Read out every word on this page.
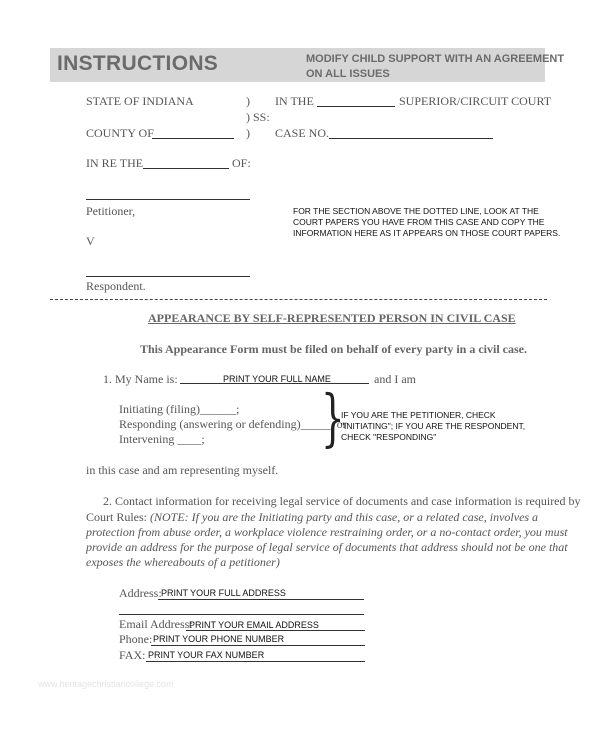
INSTRUCTIONS	MODIFY CHILD SUPPORT WITH AN AGREEMENT
ON ALL ISSUES
STATE OF INDIANA	) IN THE	SUPERIOR/CIRCUIT COURT
) SS:
COUNTY OF	) CASE NO.
IN RE THE	OF:
Petitioner,
V
Respondent.
FOR THE SECTION ABOVE THE DOTTED LINE, LOOK AT THE
COURT PAPERS YOU HAVE FROM THIS CASE AND COPY THE
INFORMATION HERE AS IT APPEARS ON THOSE COURT PAPERS.
APPEARANCE BY SELF-REPRESENTED PERSON IN CIVIL CASE
This Appearance Form must be filed on behalf of every party in a civil case.
1. My Name is:	PRINT YOUR FULL NAME	and I am
Initiating (filing)______;
Responding (answering or defending)_____, or
Intervening ____; }
IF YOU ARE THE PETITIONER, CHECK
"INITIATING"; IF YOU ARE THE RESPONDENT,
CHECK "RESPONDING"
in this case and am representing myself.
2. Contact information for receiving legal service of documents and case information is required by
Court Rules: (NOTE: If you are the Initiating party and this case, or a related case, involves a
protection from abuse order, a workplace violence restraining order, or a no-contact order, you must
provide an address for the purpose of legal service of documents that address should not be one that
exposes the whereabouts of a petitioner)
Address: PRINT YOUR FULL ADDRESS
Email Address:
PRINT YOUR EMAIL ADDRESS
Phone: PRINT YOUR PHONE NUMBER
FAX: PRINT YOUR FAX NUMBER
www.heritagechristiancollege.com
